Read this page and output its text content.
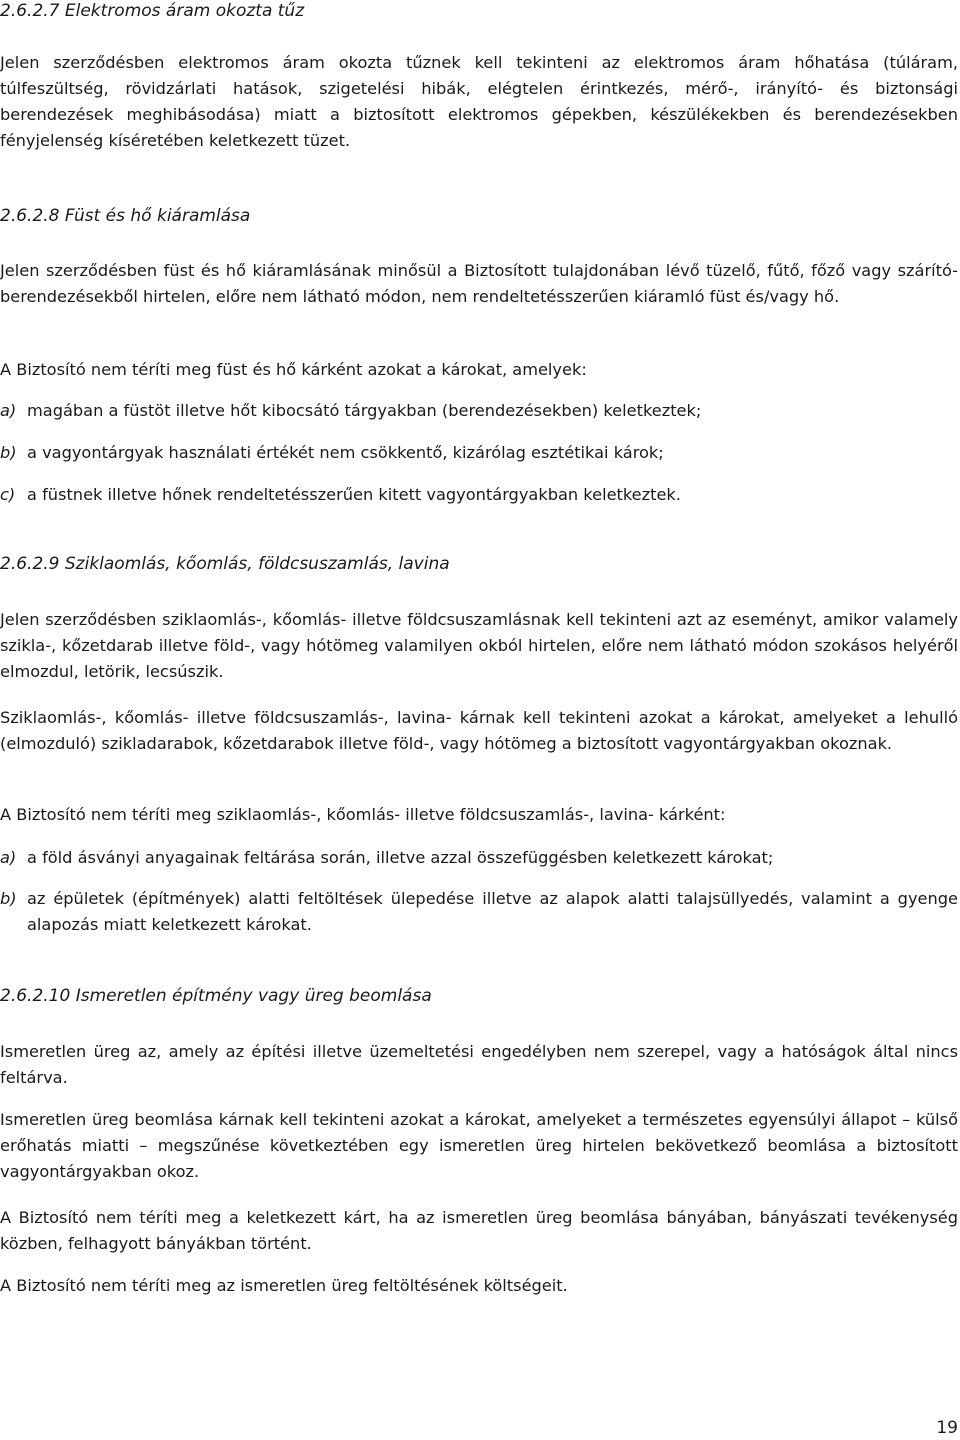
2.6.2.7 Elektromos áram okozta tűz

Jelen szerződésben elektromos áram okozta tűznek kell tekinteni az elektromos áram hőhatása (túláram, túlfeszültség, rövidzárlati hatások, szigetelési hibák, elégtelen érintkezés, mérő-, irányító- és biztonsági berendezések meghibásodása) miatt a biztosított elektromos gépekben, készülékekben és berendezésekben fényjelenség kíséretében keletkezett tüzet.

2.6.2.8 Füst és hő kiáramlása

Jelen szerződésben füst és hő kiáramlásának minősül a Biztosított tulajdonában lévő tüzelő, fűtő, főző vagy szárító-berendezésekből hirtelen, előre nem látható módon, nem rendeltetésszerűen kiáramló füst és/vagy hő.

A Biztosító nem téríti meg füst és hő kárként azokat a károkat, amelyek:

a) magában a füstöt illetve hőt kibocsátó tárgyakban (berendezésekben) keletkeztek;
b) a vagyontárgyak használati értékét nem csökkentő, kizárólag esztétikai károk;
c) a füstnek illetve hőnek rendeltetésszerűen kitett vagyontárgyakban keletkeztek.
2.6.2.9 Sziklaomlás, kőomlás, földcsuszamlás, lavina

Jelen szerződésben sziklaomlás-, kőomlás- illetve földcsuszamlásnak kell tekinteni azt az eseményt, amikor valamely szikla-, kőzetdarab illetve föld-, vagy hótömeg valamilyen okból hirtelen, előre nem látható módon szokásos helyéről elmozdul, letörik, lecsúszik.

Sziklaomlás-, kőomlás- illetve földcsuszamlás-, lavina- kárnak kell tekinteni azokat a károkat, amelyeket a lehulló (elmozduló) szikladarabok, kőzetdarabok illetve föld-, vagy hótömeg a biztosított vagyontárgyakban okoznak.

A Biztosító nem téríti meg sziklaomlás-, kőomlás- illetve földcsuszamlás-, lavina- kárként:

a) a föld ásványi anyagainak feltárása során, illetve azzal összefüggésben keletkezett károkat;
b) az épületek (építmények) alatti feltöltések ülepedése illetve az alapok alatti talajsüllyedés, valamint a gyenge alapozás miatt keletkezett károkat.
2.6.2.10 Ismeretlen építmény vagy üreg beomlása

Ismeretlen üreg az, amely az építési illetve üzemeltetési engedélyben nem szerepel, vagy a hatóságok által nincs feltárva.

Ismeretlen üreg beomlása kárnak kell tekinteni azokat a károkat, amelyeket a természetes egyensúlyi állapot – külső erőhatás miatti – megszűnése következtében egy ismeretlen üreg hirtelen bekövetkező beomlása a biztosított vagyontárgyakban okoz.

A Biztosító nem téríti meg a keletkezett kárt, ha az ismeretlen üreg beomlása bányában, bányászati tevékenység közben, felhagyott bányákban történt.

A Biztosító nem téríti meg az ismeretlen üreg feltöltésének költségeit.

19
